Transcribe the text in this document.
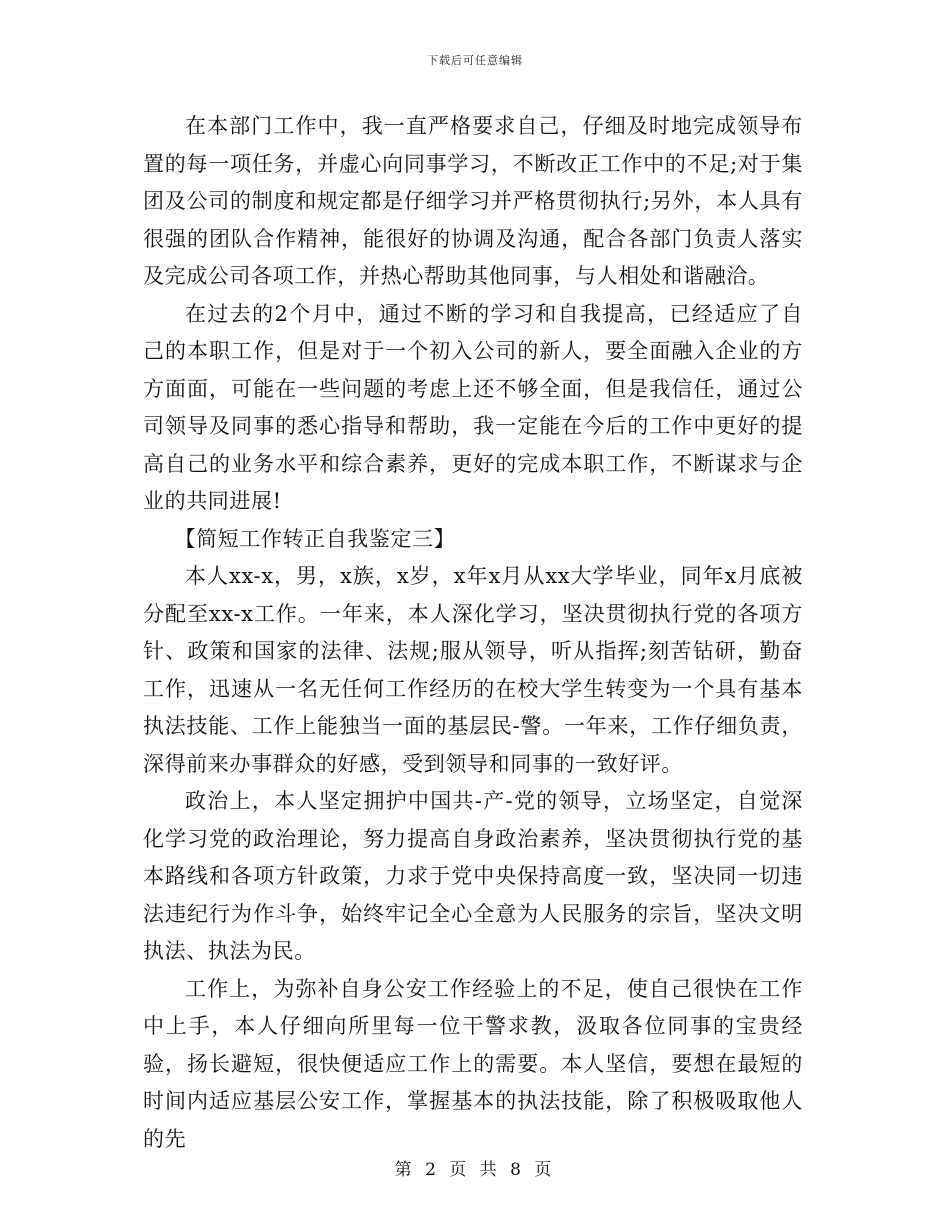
下载后可任意编辑

在本部门工作中，我一直严格要求自己，仔细及时地完成领导布置的每一项任务，并虚心向同事学习，不断改正工作中的不足;对于集团及公司的制度和规定都是仔细学习并严格贯彻执行;另外，本人具有很强的团队合作精神，能很好的协调及沟通，配合各部门负责人落实及完成公司各项工作，并热心帮助其他同事，与人相处和谐融洽。

在过去的2个月中，通过不断的学习和自我提高，已经适应了自己的本职工作，但是对于一个初入公司的新人，要全面融入企业的方方面面，可能在一些问题的考虑上还不够全面，但是我信任，通过公司领导及同事的悉心指导和帮助，我一定能在今后的工作中更好的提高自己的业务水平和综合素养，更好的完成本职工作，不断谋求与企业的共同进展!

【简短工作转正自我鉴定三】

本人xx-x，男，x族，x岁，x年x月从xx大学毕业，同年x月底被分配至xx-x工作。一年来，本人深化学习，坚决贯彻执行党的各项方针、政策和国家的法律、法规;服从领导，听从指挥;刻苦钻研，勤奋工作，迅速从一名无任何工作经历的在校大学生转变为一个具有基本执法技能、工作上能独当一面的基层民-警。一年来，工作仔细负责，深得前来办事群众的好感，受到领导和同事的一致好评。

政治上，本人坚定拥护中国共-产-党的领导，立场坚定，自觉深化学习党的政治理论，努力提高自身政治素养，坚决贯彻执行党的基本路线和各项方针政策，力求于党中央保持高度一致，坚决同一切违法违纪行为作斗争，始终牢记全心全意为人民服务的宗旨，坚决文明执法、执法为民。

工作上，为弥补自身公安工作经验上的不足，使自己很快在工作中上手，本人仔细向所里每一位干警求教，汲取各位同事的宝贵经验，扬长避短，很快便适应工作上的需要。本人坚信，要想在最短的时间内适应基层公安工作，掌握基本的执法技能，除了积极吸取他人的先

第 2 页 共 8 页
